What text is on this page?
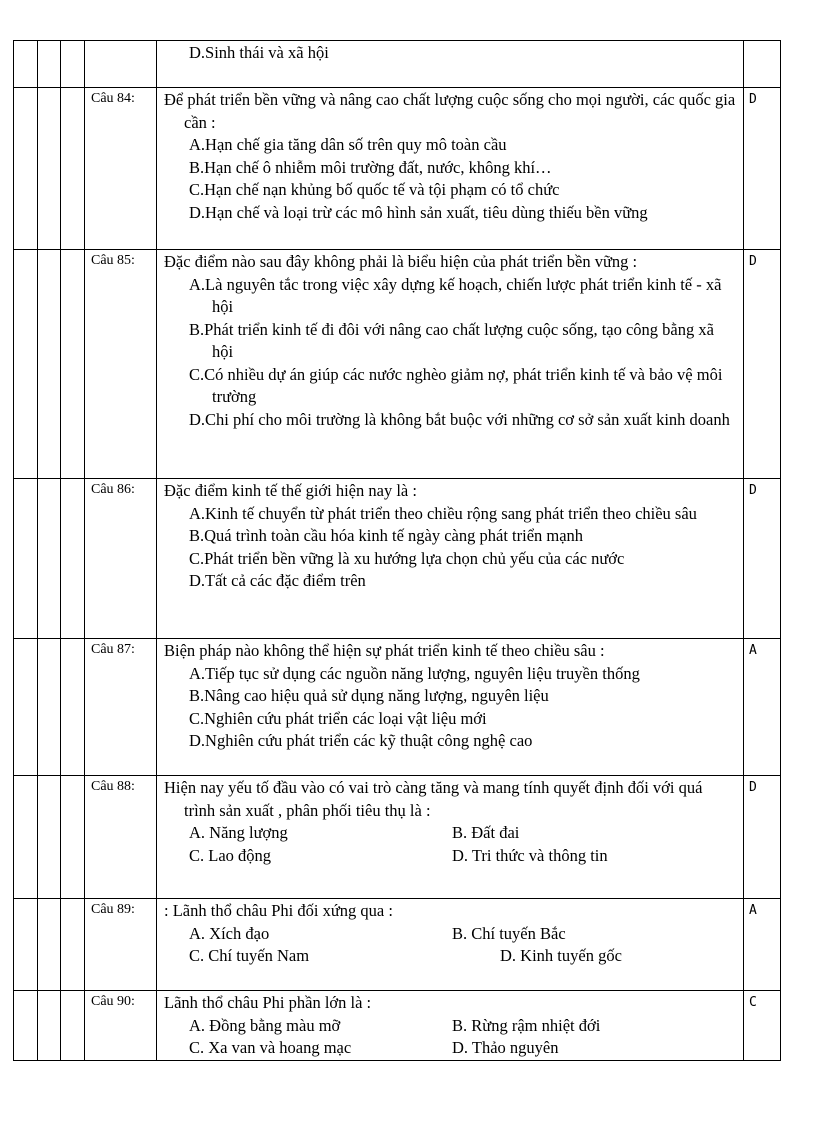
				D.Sinh thái và xã hội	

			Câu 84:	Để phát triển bền vững và nâng cao chất lượng cuộc sống cho mọi người, các quốc gia cần :
A.Hạn chế gia tăng dân số trên quy mô toàn cầu
B.Hạn chế ô nhiễm môi trường đất, nước, không khí…
C.Hạn chế nạn khủng bố quốc tế và tội phạm có tổ chức
D.Hạn chế và loại trừ các mô hình sản xuất, tiêu dùng thiếu bền vững	D
			Câu 85:	Đặc điểm nào sau đây không phải là biểu hiện của phát triển bền vững :
A.Là nguyên tắc trong việc xây dựng kế hoạch, chiến lược phát triển kinh tế - xã hội
B.Phát triển kinh tế đi đôi với nâng cao chất lượng cuộc sống, tạo công bằng xã hội
C.Có nhiều dự án giúp các nước nghèo giảm nợ, phát triển kinh tế và bảo vệ môi trường
D.Chi phí cho môi trường là không bắt buộc với những cơ sở sản xuất kinh doanh	D
			Câu 86:	Đặc điểm kinh tế thế giới hiện nay là :
A.Kinh tế chuyển từ phát triển theo chiều rộng sang phát triển theo chiều sâu
B.Quá trình toàn cầu hóa kinh tế ngày càng phát triển mạnh
C.Phát triển bền vững là xu hướng lựa chọn chủ yếu của các nước
D.Tất cả các đặc điểm trên	D
			Câu 87:	Biện pháp nào không thể hiện sự phát triển kinh tế theo chiều sâu :
A.Tiếp tục sử dụng các nguồn năng lượng, nguyên liệu truyền thống
B.Nâng cao hiệu quả sử dụng năng lượng, nguyên liệu
C.Nghiên cứu phát triển các loại vật liệu mới
D.Nghiên cứu phát triển các kỹ thuật công nghệ cao	A
			Câu 88:	Hiện nay yếu tố đầu vào có vai trò càng tăng và mang tính quyết định đối với quá trình sản xuất , phân phối tiêu thụ là :
A. Năng lượng B. Đất đai
C. Lao động D. Tri thức và thông tin	D
			Câu 89:	: Lãnh thổ châu Phi đối xứng qua :
A. Xích đạo B. Chí tuyến Bắc
C. Chí tuyến Nam D. Kinh tuyến gốc	A
			Câu 90:	Lãnh thổ châu Phi phần lớn là :
A. Đồng bằng màu mỡ B. Rừng rậm nhiệt đới
C. Xa van và hoang mạc D. Thảo nguyên	C
